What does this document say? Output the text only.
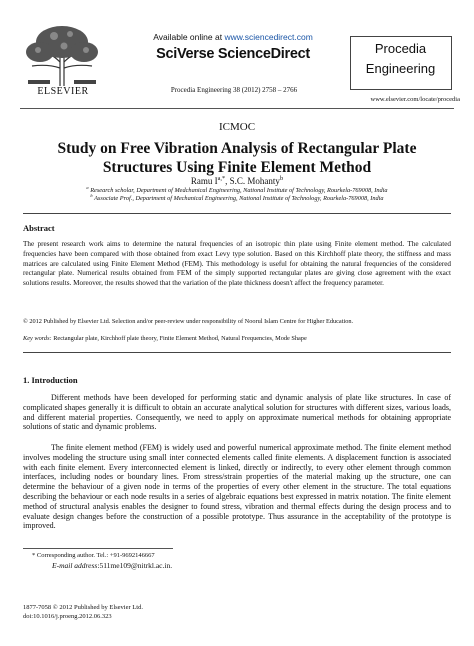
ELSEVIER
Available online at www.sciencedirect.com
SciVerse ScienceDirect
Procedia Engineering 38 (2012) 2758 – 2766
Procedia
Engineering
www.elsevier.com/locate/procedia
ICMOC
Study on Free Vibration Analysis of Rectangular Plate
Structures Using Finite Element Method
Ramu $I^{a,*}$, S.C. Mohanty$^b$
$^a$ Research scholar, Department of Medchanical Engineering, National Institute of Technology, Rourkela-769008, India
$^b$ Associate Prof., Department of Mechanical Engineering, National Institute of Technology, Rourkela-769008, India
Abstract
The present research work aims to determine the natural frequencies of an isotropic thin plate using Finite element method. The calculated frequencies have been compared with those obtained from exact Levy type solution. Based on this Kirchhoff plate theory, the stiffness and mass matrices are calculated using Finite Element Method (FEM). This methodology is useful for obtaining the natural frequencies of the considered rectangular plate. Numerical results obtained from FEM of the simply supported rectangular plates are giving close agreement with the exact solutions results. Moreover, the results showed that the variation of the plate thickness doesn't affect the frequency parameter.
© 2012 Published by Elsevier Ltd. Selection and/or peer-review under responsibility of Noorul Islam Centre for Higher Education.
Key words: Rectangular plate, Kirchhoff plate theory, Finite Element Method, Natural Frequencies, Mode Shape
1. Introduction
Different methods have been developed for performing static and dynamic analysis of plate like structures. In case of complicated shapes generally it is difficult to obtain an accurate analytical solution for structures with different sizes, various loads, and different material properties. Consequently, we need to apply on approximate numerical methods for obtaining appropriate solutions of static and dynamic problems.
The finite element method (FEM) is widely used and powerful numerical approximate method. The finite element method involves modeling the structure using small inter connected elements called finite elements. A displacement function is associated with each finite element. Every interconnected element is linked, directly or indirectly, to every other element through common interfaces, including nodes or boundary lines. From stress/strain properties of the material making up the structure, one can determine the behaviour of a given node in terms of the properties of every other element in the structure. The total equations describing the behaviour or each node results in a series of algebraic equations best expressed in matrix notation. The finite element method of structural analysis enables the designer to found stress, vibration and thermal effects during the design process and to evaluate design changes before the construction of a possible prototype. Thus assurance in the acceptability of the prototype is improved.
* Corresponding author. Tel.: +91-9692146667
E-mail address:511me109@nitrkl.ac.in.
1877-7058 © 2012 Published by Elsevier Ltd.
doi:10.1016/j.proeng.2012.06.323
